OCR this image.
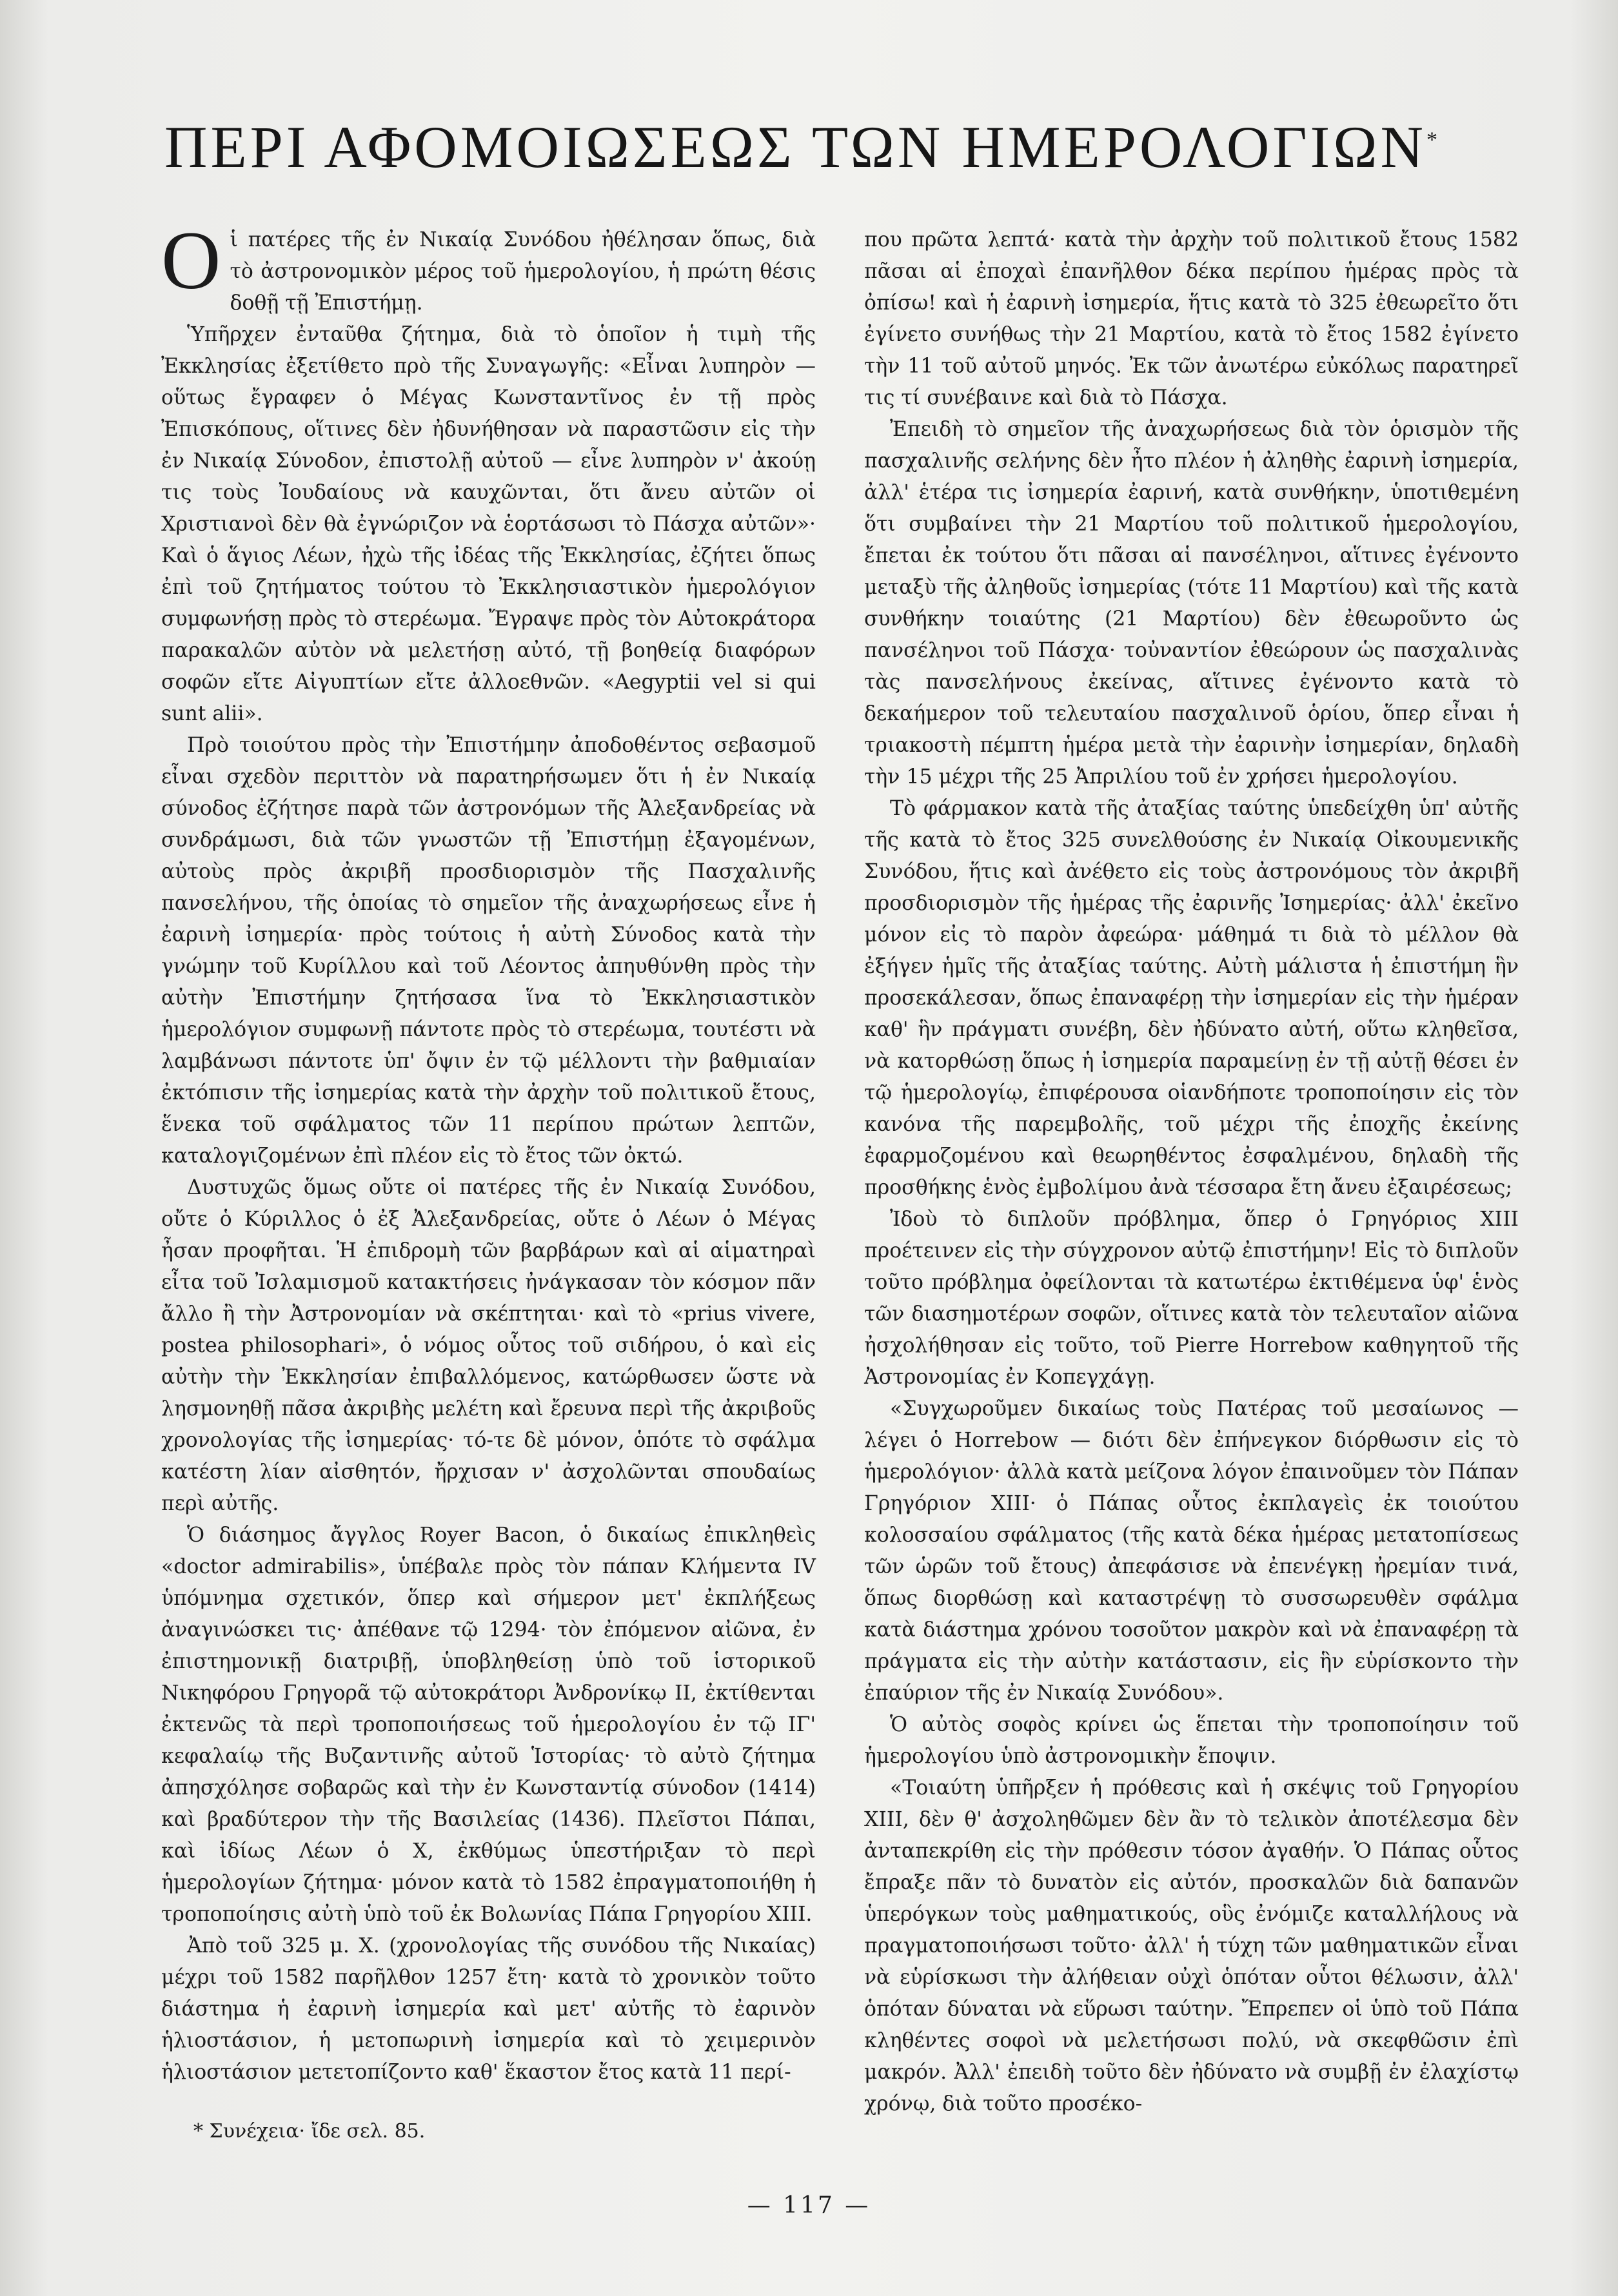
ΠΕΡΙ ΑΦΟΜΟΙΩΣΕΩΣ ΤΩΝ ΗΜΕΡΟΛΟΓΙΩΝ*

Οἱ πατέρες τῆς ἐν Νικαίᾳ Συνόδου ἠθέλησαν ὅπως, διὰ τὸ ἀστρονομικὸν μέρος τοῦ ἡμερολογίου, ἡ πρώτη θέσις δοθῇ τῇ Ἐπιστήμῃ.

Ὑπῆρχεν ἐνταῦθα ζήτημα, διὰ τὸ ὁποῖον ἡ τιμὴ τῆς Ἐκκλησίας ἐξετίθετο πρὸ τῆς Συναγωγῆς: «Εἶναι λυπηρὸν — οὕτως ἔγραφεν ὁ Μέγας Κωνσταντῖνος ἐν τῇ πρὸς Ἐπισκόπους, οἵτινες δὲν ἠδυνήθησαν νὰ παραστῶσιν εἰς τὴν ἐν Νικαίᾳ Σύνοδον, ἐπιστολῇ αὐτοῦ — εἶνε λυπηρὸν ν' ἀκούῃ τις τοὺς Ἰουδαίους νὰ καυχῶνται, ὅτι ἄνευ αὐτῶν οἱ Χριστιανοὶ δὲν θὰ ἐγνώριζον νὰ ἑορτάσωσι τὸ Πάσχα αὐτῶν»· Καὶ ὁ ἅγιος Λέων, ἠχὼ τῆς ἰδέας τῆς Ἐκκλησίας, ἐζήτει ὅπως ἐπὶ τοῦ ζητήματος τούτου τὸ Ἐκκλησιαστικὸν ἡμερολόγιον συμφωνήσῃ πρὸς τὸ στερέωμα. Ἔγραψε πρὸς τὸν Αὐτοκράτορα παρακαλῶν αὐτὸν νὰ μελετήσῃ αὐτό, τῇ βοηθείᾳ διαφόρων σοφῶν εἴτε Αἰγυπτίων εἴτε ἀλλοεθνῶν. «Aegyptii vel si qui sunt alii».

Πρὸ τοιούτου πρὸς τὴν Ἐπιστήμην ἀποδοθέντος σεβασμοῦ εἶναι σχεδὸν περιττὸν νὰ παρατηρήσωμεν ὅτι ἡ ἐν Νικαίᾳ σύνοδος ἐζήτησε παρὰ τῶν ἀστρονόμων τῆς Ἀλεξανδρείας νὰ συνδράμωσι, διὰ τῶν γνωστῶν τῇ Ἐπιστήμῃ ἐξαγομένων, αὐτοὺς πρὸς ἀκριβῆ προσδιορισμὸν τῆς Πασχαλινῆς πανσελήνου, τῆς ὁποίας τὸ σημεῖον τῆς ἀναχωρήσεως εἶνε ἡ ἐαρινὴ ἰσημερία· πρὸς τούτοις ἡ αὐτὴ Σύνοδος κατὰ τὴν γνώμην τοῦ Κυρίλλου καὶ τοῦ Λέοντος ἀπηυθύνθη πρὸς τὴν αὐτὴν Ἐπιστήμην ζητήσασα ἵνα τὸ Ἐκκλησιαστικὸν ἡμερολόγιον συμφωνῇ πάντοτε πρὸς τὸ στερέωμα, τουτέστι νὰ λαμβάνωσι πάντοτε ὑπ' ὄψιν ἐν τῷ μέλλοντι τὴν βαθμιαίαν ἐκτόπισιν τῆς ἰσημερίας κατὰ τὴν ἀρχὴν τοῦ πολιτικοῦ ἔτους, ἕνεκα τοῦ σφάλματος τῶν 11 περίπου πρώτων λεπτῶν, καταλογιζομένων ἐπὶ πλέον εἰς τὸ ἔτος τῶν ὀκτώ.

Δυστυχῶς ὅμως οὔτε οἱ πατέρες τῆς ἐν Νικαίᾳ Συνόδου, οὔτε ὁ Κύριλλος ὁ ἐξ Ἀλεξανδρείας, οὔτε ὁ Λέων ὁ Μέγας ἦσαν προφῆται. Ἡ ἐπιδρομὴ τῶν βαρβάρων καὶ αἱ αἱματηραὶ εἶτα τοῦ Ἰσλαμισμοῦ κατακτήσεις ἠνάγκασαν τὸν κόσμον πᾶν ἄλλο ἢ τὴν Ἀστρονομίαν νὰ σκέπτηται· καὶ τὸ «prius vivere, postea philosophari», ὁ νόμος οὗτος τοῦ σιδήρου, ὁ καὶ εἰς αὐτὴν τὴν Ἐκκλησίαν ἐπιβαλλόμενος, κατώρθωσεν ὥστε νὰ λησμονηθῇ πᾶσα ἀκριβὴς μελέτη καὶ ἔρευνα περὶ τῆς ἀκριβοῦς χρονολογίας τῆς ἰσημερίας· τό-τε δὲ μόνον, ὁπότε τὸ σφάλμα κατέστη λίαν αἰσθητόν, ἤρχισαν ν' ἀσχολῶνται σπουδαίως περὶ αὐτῆς.

Ὁ διάσημος ἄγγλος Royer Bacon, ὁ δικαίως ἐπικληθεὶς «doctor admirabilis», ὑπέβαλε πρὸς τὸν πάπαν Κλήμεντα IV ὑπόμνημα σχετικόν, ὅπερ καὶ σήμερον μετ' ἐκπλήξεως ἀναγινώσκει τις· ἀπέθανε τῷ 1294· τὸν ἐπόμενον αἰῶνα, ἐν ἐπιστημονικῇ διατριβῇ, ὑποβληθείσῃ ὑπὸ τοῦ ἱστορικοῦ Νικηφόρου Γρηγορᾶ τῷ αὐτοκράτορι Ἀνδρονίκῳ II, ἐκτίθενται ἐκτενῶς τὰ περὶ τροποποιήσεως τοῦ ἡμερολογίου ἐν τῷ ΙΓ' κεφαλαίῳ τῆς Βυζαντινῆς αὐτοῦ Ἱστορίας· τὸ αὐτὸ ζήτημα ἀπησχόλησε σοβαρῶς καὶ τὴν ἐν Κωνσταντίᾳ σύνοδον (1414) καὶ βραδύτερον τὴν τῆς Βασιλείας (1436). Πλεῖστοι Πάπαι, καὶ ἰδίως Λέων ὁ Χ, ἐκθύμως ὑπεστήριξαν τὸ περὶ ἡμερολογίων ζήτημα· μόνον κατὰ τὸ 1582 ἐπραγματοποιήθη ἡ τροποποίησις αὐτὴ ὑπὸ τοῦ ἐκ Βολωνίας Πάπα Γρηγορίου XIII.

Ἀπὸ τοῦ 325 μ. Χ. (χρονολογίας τῆς συνόδου τῆς Νικαίας) μέχρι τοῦ 1582 παρῆλθον 1257 ἔτη· κατὰ τὸ χρονικὸν τοῦτο διάστημα ἡ ἐαρινὴ ἰσημερία καὶ μετ' αὐτῆς τὸ ἐαρινὸν ἡλιοστάσιον, ἡ μετοπωρινὴ ἰσημερία καὶ τὸ χειμερινὸν ἡλιοστάσιον μετετοπίζοντο καθ' ἕκαστον ἔτος κατὰ 11 περί-

που πρῶτα λεπτά· κατὰ τὴν ἀρχὴν τοῦ πολιτικοῦ ἔτους 1582 πᾶσαι αἱ ἐποχαὶ ἐπανῆλθον δέκα περίπου ἡμέρας πρὸς τὰ ὀπίσω! καὶ ἡ ἐαρινὴ ἰσημερία, ἥτις κατὰ τὸ 325 ἐθεωρεῖτο ὅτι ἐγίνετο συνήθως τὴν 21 Μαρτίου, κατὰ τὸ ἔτος 1582 ἐγίνετο τὴν 11 τοῦ αὐτοῦ μηνός. Ἐκ τῶν ἀνωτέρω εὐκόλως παρατηρεῖ τις τί συνέβαινε καὶ διὰ τὸ Πάσχα.

Ἐπειδὴ τὸ σημεῖον τῆς ἀναχωρήσεως διὰ τὸν ὁρισμὸν τῆς πασχαλινῆς σελήνης δὲν ἦτο πλέον ἡ ἀληθὴς ἐαρινὴ ἰσημερία, ἀλλ' ἑτέρα τις ἰσημερία ἐαρινή, κατὰ συνθήκην, ὑποτιθεμένη ὅτι συμβαίνει τὴν 21 Μαρτίου τοῦ πολιτικοῦ ἡμερολογίου, ἔπεται ἐκ τούτου ὅτι πᾶσαι αἱ πανσέληνοι, αἵτινες ἐγένοντο μεταξὺ τῆς ἀληθοῦς ἰσημερίας (τότε 11 Μαρτίου) καὶ τῆς κατὰ συνθήκην τοιαύτης (21 Μαρτίου) δὲν ἐθεωροῦντο ὡς πανσέληνοι τοῦ Πάσχα· τοὐναντίον ἐθεώρουν ὡς πασχαλινὰς τὰς πανσελήνους ἐκείνας, αἵτινες ἐγένοντο κατὰ τὸ δεκαήμερον τοῦ τελευταίου πασχαλινοῦ ὁρίου, ὅπερ εἶναι ἡ τριακοστὴ πέμπτη ἡμέρα μετὰ τὴν ἐαρινὴν ἰσημερίαν, δηλαδὴ τὴν 15 μέχρι τῆς 25 Ἀπριλίου τοῦ ἐν χρήσει ἡμερολογίου.

Τὸ φάρμακον κατὰ τῆς ἀταξίας ταύτης ὑπεδείχθη ὑπ' αὐτῆς τῆς κατὰ τὸ ἔτος 325 συνελθούσης ἐν Νικαίᾳ Οἰκουμενικῆς Συνόδου, ἥτις καὶ ἀνέθετο εἰς τοὺς ἀστρονόμους τὸν ἀκριβῆ προσδιορισμὸν τῆς ἡμέρας τῆς ἐαρινῆς Ἰσημερίας· ἀλλ' ἐκεῖνο μόνον εἰς τὸ παρὸν ἀφεώρα· μάθημά τι διὰ τὸ μέλλον θὰ ἐξήγεν ἡμῖς τῆς ἀταξίας ταύτης. Αὐτὴ μάλιστα ἡ ἐπιστήμη ἣν προσεκάλεσαν, ὅπως ἐπαναφέρῃ τὴν ἰσημερίαν εἰς τὴν ἡμέραν καθ' ἣν πράγματι συνέβη, δὲν ἠδύνατο αὐτή, οὕτω κληθεῖσα, νὰ κατορθώσῃ ὅπως ἡ ἰσημερία παραμείνῃ ἐν τῇ αὐτῇ θέσει ἐν τῷ ἡμερολογίῳ, ἐπιφέρουσα οἱανδήποτε τροποποίησιν εἰς τὸν κανόνα τῆς παρεμβολῆς, τοῦ μέχρι τῆς ἐποχῆς ἐκείνης ἐφαρμοζομένου καὶ θεωρηθέντος ἐσφαλμένου, δηλαδὴ τῆς προσθήκης ἑνὸς ἐμβολίμου ἀνὰ τέσσαρα ἔτη ἄνευ ἐξαιρέσεως;

Ἰδοὺ τὸ διπλοῦν πρόβλημα, ὅπερ ὁ Γρηγόριος XIII προέτεινεν εἰς τὴν σύγχρονον αὐτῷ ἐπιστήμην! Εἰς τὸ διπλοῦν τοῦτο πρόβλημα ὀφείλονται τὰ κατωτέρω ἐκτιθέμενα ὑφ' ἑνὸς τῶν διασημοτέρων σοφῶν, οἵτινες κατὰ τὸν τελευταῖον αἰῶνα ἠσχολήθησαν εἰς τοῦτο, τοῦ Pierre Horrebow καθηγητοῦ τῆς Ἀστρονομίας ἐν Κοπεγχάγῃ.

«Συγχωροῦμεν δικαίως τοὺς Πατέρας τοῦ μεσαίωνος — λέγει ὁ Horrebow — διότι δὲν ἐπήνεγκον διόρθωσιν εἰς τὸ ἡμερολόγιον· ἀλλὰ κατὰ μείζονα λόγον ἐπαινοῦμεν τὸν Πάπαν Γρηγόριον XIII· ὁ Πάπας οὗτος ἐκπλαγεὶς ἐκ τοιούτου κολοσσαίου σφάλματος (τῆς κατὰ δέκα ἡμέρας μετατοπίσεως τῶν ὡρῶν τοῦ ἔτους) ἀπεφάσισε νὰ ἐπενέγκῃ ἠρεμίαν τινά, ὅπως διορθώσῃ καὶ καταστρέψῃ τὸ συσσωρευθὲν σφάλμα κατὰ διάστημα χρόνου τοσοῦτον μακρὸν καὶ νὰ ἐπαναφέρῃ τὰ πράγματα εἰς τὴν αὐτὴν κατάστασιν, εἰς ἣν εὑρίσκοντο τὴν ἐπαύριον τῆς ἐν Νικαίᾳ Συνόδου».

Ὁ αὐτὸς σοφὸς κρίνει ὡς ἕπεται τὴν τροποποίησιν τοῦ ἡμερολογίου ὑπὸ ἀστρονομικὴν ἔποψιν.

«Τοιαύτη ὑπῆρξεν ἡ πρόθεσις καὶ ἡ σκέψις τοῦ Γρηγορίου XIII, δὲν θ' ἀσχοληθῶμεν δὲν ἂν τὸ τελικὸν ἀποτέλεσμα δὲν ἀνταπεκρίθη εἰς τὴν πρόθεσιν τόσον ἀγαθήν. Ὁ Πάπας οὗτος ἔπραξε πᾶν τὸ δυνατὸν εἰς αὐτόν, προσκαλῶν διὰ δαπανῶν ὑπερόγκων τοὺς μαθηματικούς, οὓς ἐνόμιζε καταλλήλους νὰ πραγματοποιήσωσι τοῦτο· ἀλλ' ἡ τύχη τῶν μαθηματικῶν εἶναι νὰ εὑρίσκωσι τὴν ἀλήθειαν οὐχὶ ὁπόταν οὗτοι θέλωσιν, ἀλλ' ὁπόταν δύναται νὰ εὕρωσι ταύτην. Ἔπρεπεν οἱ ὑπὸ τοῦ Πάπα κληθέντες σοφοὶ νὰ μελετήσωσι πολύ, νὰ σκεφθῶσιν ἐπὶ μακρόν. Ἀλλ' ἐπειδὴ τοῦτο δὲν ἠδύνατο νὰ συμβῇ ἐν ἐλαχίστῳ χρόνῳ, διὰ τοῦτο προσέκο-

* Συνέχεια· ἴδε σελ. 85.
— 117 —
